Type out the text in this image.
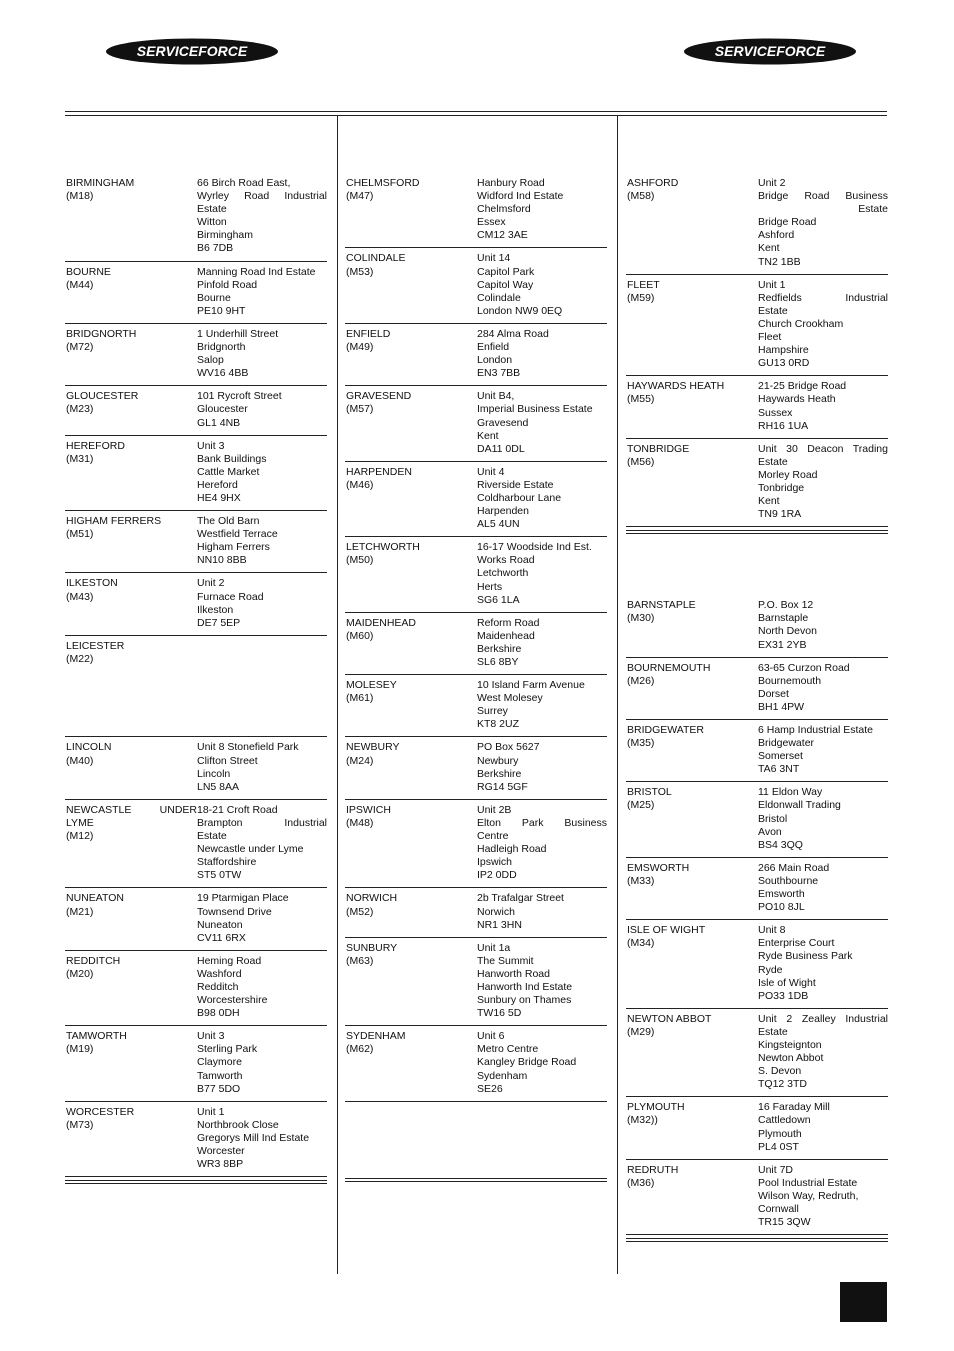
SERVICEFORCE	SERVICEFORCE
BIRMINGHAM
(M18)
66 Birch Road East,
Wyrley Road Industrial
Estate
Witton
Birmingham
B6 7DB
BOURNE
(M44)
Manning Road Ind Estate
Pinfold Road
Bourne
PE10 9HT
BRIDGNORTH
(M72)
1 Underhill Street
Bridgnorth
Salop
WV16 4BB
GLOUCESTER
(M23)
101 Rycroft Street
Gloucester
GL1 4NB
HEREFORD
(M31)
Unit 3
Bank Buildings
Cattle Market
Hereford
HE4 9HX
HIGHAM FERRERS
(M51)
The Old Barn
Westfield Terrace
Higham Ferrers
NN10 8BB
ILKESTON
(M43)
Unit 2
Furnace Road
Ilkeston
DE7 5EP
LEICESTER
(M22)

LINCOLN
(M40)
Unit 8 Stonefield Park
Clifton Street
Lincoln
LN5 8AA
NEWCASTLE UNDER
LYME
(M12)
18-21 Croft Road
Brampton Industrial
Estate
Newcastle under Lyme
Staffordshire
ST5 0TW
NUNEATON
(M21)
19 Ptarmigan Place
Townsend Drive
Nuneaton
CV11 6RX
REDDITCH
(M20)
Heming Road
Washford
Redditch
Worcestershire
B98 0DH
TAMWORTH
(M19)
Unit 3
Sterling Park
Claymore
Tamworth
B77 5DO
WORCESTER
(M73)
Unit 1
Northbrook Close
Gregorys Mill Ind Estate
Worcester
WR3 8BP
CHELMSFORD
(M47)
Hanbury Road
Widford Ind Estate
Chelmsford
Essex
CM12 3AE
COLINDALE
(M53)
Unit 14
Capitol Park
Capitol Way
Colindale
London NW9 0EQ
ENFIELD
(M49)
284 Alma Road
Enfield
London
EN3 7BB
GRAVESEND
(M57)
Unit B4,
Imperial Business Estate
Gravesend
Kent
DA11 0DL
HARPENDEN
(M46)
Unit 4
Riverside Estate
Coldharbour Lane
Harpenden
AL5 4UN
LETCHWORTH
(M50)
16-17 Woodside Ind Est.
Works Road
Letchworth
Herts
SG6 1LA
MAIDENHEAD
(M60)
Reform Road
Maidenhead
Berkshire
SL6 8BY
MOLESEY
(M61)
10 Island Farm Avenue
West Molesey
Surrey
KT8 2UZ
NEWBURY
(M24)
PO Box 5627
Newbury
Berkshire
RG14 5GF
IPSWICH
(M48)
Unit 2B
Elton Park Business
Centre
Hadleigh Road
Ipswich
IP2 0DD
NORWICH
(M52)
2b Trafalgar Street
Norwich
NR1 3HN
SUNBURY
(M63)
Unit 1a
The Summit
Hanworth Road
Hanworth Ind Estate
Sunbury on Thames
TW16 5D
SYDENHAM
(M62)
Unit 6
Metro Centre
Kangley Bridge Road
Sydenham
SE26
ASHFORD
(M58)
Unit 2
Bridge Road Business
Estate
Bridge Road
Ashford
Kent
TN2 1BB
FLEET
(M59)
Unit 1
Redfields Industrial
Estate
Church Crookham
Fleet
Hampshire
GU13 0RD
HAYWARDS HEATH
(M55)
21-25 Bridge Road
Haywards Heath
Sussex
RH16 1UA
TONBRIDGE
(M56)
Unit 30 Deacon Trading
Estate
Morley Road
Tonbridge
Kent
TN9 1RA
BARNSTAPLE
(M30)
P.O. Box 12
Barnstaple
North Devon
EX31 2YB
BOURNEMOUTH
(M26)
63-65 Curzon Road
Bournemouth
Dorset
BH1 4PW
BRIDGEWATER
(M35)
6 Hamp Industrial Estate
Bridgewater
Somerset
TA6 3NT
BRISTOL
(M25)
11 Eldon Way
Eldonwall Trading
Bristol
Avon
BS4 3QQ
EMSWORTH
(M33)
266 Main Road
Southbourne
Emsworth
PO10 8JL
ISLE OF WIGHT
(M34)
Unit 8
Enterprise Court
Ryde Business Park
Ryde
Isle of Wight
PO33 1DB
NEWTON ABBOT
(M29)
Unit 2 Zealley Industrial
Estate
Kingsteignton
Newton Abbot
S. Devon
TQ12 3TD
PLYMOUTH
(M32))
16 Faraday Mill
Cattledown
Plymouth
PL4 0ST
REDRUTH
(M36)
Unit 7D
Pool Industrial Estate
Wilson Way, Redruth,
Cornwall
TR15 3QW
